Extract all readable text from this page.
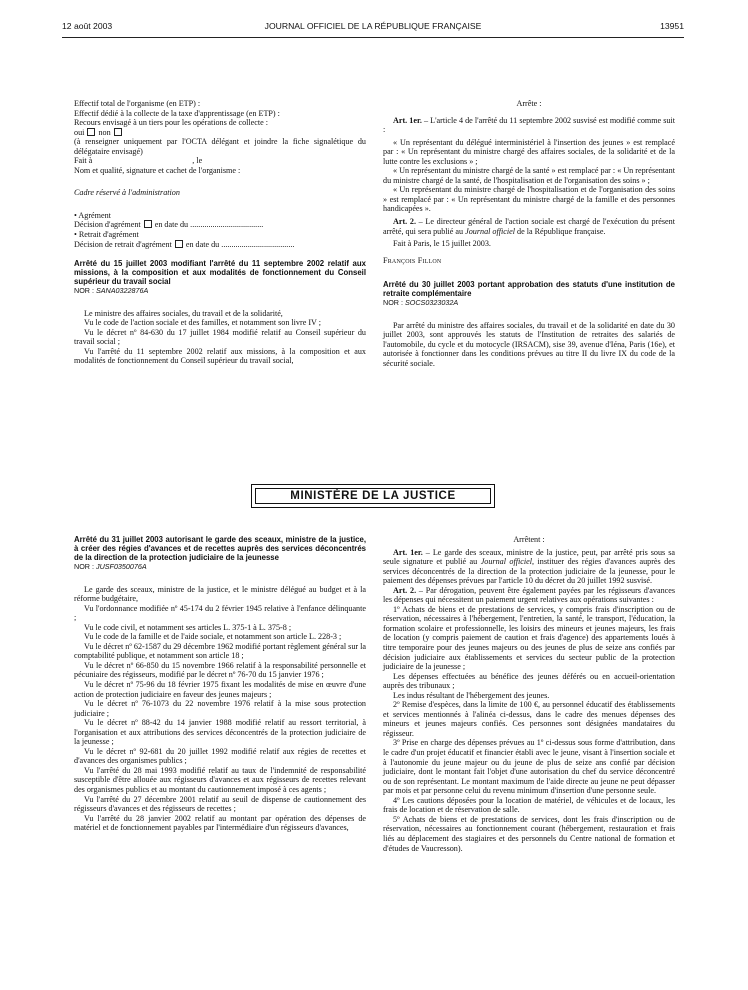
12 août 2003	JOURNAL OFFICIEL DE LA RÉPUBLIQUE FRANÇAISE	13951

Effectif total de l'organisme (en ETP) :

Effectif dédié à la collecte de la taxe d'apprentissage (en ETP) :

Recours envisagé à un tiers pour les opérations de collecte :

oui non

(à renseigner uniquement par l'OCTA délégant et joindre la fiche signalétique du délégataire envisagé)

Fait à	, le

Nom et qualité, signature et cachet de l'organisme :

Cadre réservé à l'administration

• Agrément

Décision d'agrément en date du ....................................

• Retrait d'agrément

Décision de retrait d'agrément en date du ....................................

Arrêté du 15 juillet 2003 modifiant l'arrêté du 11 septembre 2002 relatif aux missions, à la composition et aux modalités de fonctionnement du Conseil supérieur du travail social

NOR : SANA0322876A

Le ministre des affaires sociales, du travail et de la solidarité,

Vu le code de l'action sociale et des familles, et notamment son livre IV ;

Vu le décret nº 84-630 du 17 juillet 1984 modifié relatif au Conseil supérieur du travail social ;

Vu l'arrêté du 11 septembre 2002 relatif aux missions, à la composition et aux modalités de fonctionnement du Conseil supérieur du travail social,

Arrête :

Art. 1er. – L'article 4 de l'arrêté du 11 septembre 2002 susvisé est modifié comme suit :

« Un représentant du délégué interministériel à l'insertion des jeunes » est remplacé par : « Un représentant du ministre chargé des affaires sociales, de la solidarité et de la lutte contre les exclusions » ;

« Un représentant du ministre chargé de la santé » est remplacé par : « Un représentant du ministre chargé de la santé, de l'hospitalisation et de l'organisation des soins » ;

« Un représentant du ministre chargé de l'hospitalisation et de l'organisation des soins » est remplacé par : « Un représentant du ministre chargé de la famille et des personnes handicapées ».

Art. 2. – Le directeur général de l'action sociale est chargé de l'exécution du présent arrêté, qui sera publié au Journal officiel de la République française.

Fait à Paris, le 15 juillet 2003.

François Fillon

Arrêté du 30 juillet 2003 portant approbation des statuts d'une institution de retraite complémentaire

NOR : SOCS0323032A

Par arrêté du ministre des affaires sociales, du travail et de la solidarité en date du 30 juillet 2003, sont approuvés les statuts de l'Institution de retraites des salariés de l'automobile, du cycle et du motocycle (IRSACM), sise 39, avenue d'Iéna, Paris (16e), et autorisée à fonctionner dans les conditions prévues au titre II du livre IX du code de la sécurité sociale.

MINISTÈRE DE LA JUSTICE

Arrêté du 31 juillet 2003 autorisant le garde des sceaux, ministre de la justice, à créer des régies d'avances et de recettes auprès des services déconcentrés de la direction de la protection judiciaire de la jeunesse

NOR : JUSF0350076A

Le garde des sceaux, ministre de la justice, et le ministre délégué au budget et à la réforme budgétaire,

Vu l'ordonnance modifiée nº 45-174 du 2 février 1945 relative à l'enfance délinquante ;

Vu le code civil, et notamment ses articles L. 375-1 à L. 375-8 ;

Vu le code de la famille et de l'aide sociale, et notamment son article L. 228-3 ;

Vu le décret nº 62-1587 du 29 décembre 1962 modifié portant règlement général sur la comptabilité publique, et notamment son article 18 ;

Vu le décret nº 66-850 du 15 novembre 1966 relatif à la responsabilité personnelle et pécuniaire des régisseurs, modifié par le décret nº 76-70 du 15 janvier 1976 ;

Vu le décret nº 75-96 du 18 février 1975 fixant les modalités de mise en œuvre d'une action de protection judiciaire en faveur des jeunes majeurs ;

Vu le décret nº 76-1073 du 22 novembre 1976 relatif à la mise sous protection judiciaire ;

Vu le décret nº 88-42 du 14 janvier 1988 modifié relatif au ressort territorial, à l'organisation et aux attributions des services déconcentrés de la protection judiciaire de la jeunesse ;

Vu le décret nº 92-681 du 20 juillet 1992 modifié relatif aux régies de recettes et d'avances des organismes publics ;

Vu l'arrêté du 28 mai 1993 modifié relatif au taux de l'indemnité de responsabilité susceptible d'être allouée aux régisseurs d'avances et aux régisseurs de recettes relevant des organismes publics et au montant du cautionnement imposé à ces agents ;

Vu l'arrêté du 27 décembre 2001 relatif au seuil de dispense de cautionnement des régisseurs d'avances et des régisseurs de recettes ;

Vu l'arrêté du 28 janvier 2002 relatif au montant par opération des dépenses de matériel et de fonctionnement payables par l'intermédiaire d'un régisseurs d'avances,

Arrêtent :

Art. 1er. – Le garde des sceaux, ministre de la justice, peut, par arrêté pris sous sa seule signature et publié au Journal officiel, instituer des régies d'avances auprès des services déconcentrés de la direction de la protection judiciaire de la jeunesse, pour le paiement des dépenses prévues par l'article 10 du décret du 20 juillet 1992 susvisé.

Art. 2. – Par dérogation, peuvent être également payées par les régisseurs d'avances les dépenses qui nécessitent un paiement urgent relatives aux opérations suivantes :

1º Achats de biens et de prestations de services, y compris frais d'inscription ou de réservation, nécessaires à l'hébergement, l'entretien, la santé, le transport, l'éducation, la formation scolaire et professionnelle, les loisirs des mineurs et jeunes majeurs, les frais de location (y compris paiement de caution et frais d'agence) des appartements loués à titre temporaire pour des jeunes majeurs ou des jeunes de plus de seize ans confiés par décision judiciaire aux établissements et services du secteur public de la protection judiciaire de la jeunesse ;

Les dépenses effectuées au bénéfice des jeunes déférés ou en accueil-orientation auprès des tribunaux ;

Les indus résultant de l'hébergement des jeunes.

2º Remise d'espèces, dans la limite de 100 €, au personnel éducatif des établissements et services mentionnés à l'alinéa ci-dessus, dans le cadre des menues dépenses des mineurs et jeunes majeurs confiés. Ces personnes sont désignées mandataires du régisseur.

3º Prise en charge des dépenses prévues au 1º ci-dessus sous forme d'attribution, dans le cadre d'un projet éducatif et financier établi avec le jeune, visant à l'insertion sociale et à l'autonomie du jeune majeur ou du jeune de plus de seize ans confié par décision judiciaire, dont le montant fait l'objet d'une autorisation du chef du service déconcentré ou de son représentant. Le montant maximum de l'aide directe au jeune ne peut dépasser par mois et par personne celui du revenu minimum d'insertion d'une personne seule.

4º Les cautions déposées pour la location de matériel, de véhicules et de locaux, les frais de location et de réservation de salle.

5º Achats de biens et de prestations de services, dont les frais d'inscription ou de réservation, nécessaires au fonctionnement courant (hébergement, restauration et frais liés au déplacement des stagiaires et des personnels du Centre national de formation et d'études de Vaucresson).
